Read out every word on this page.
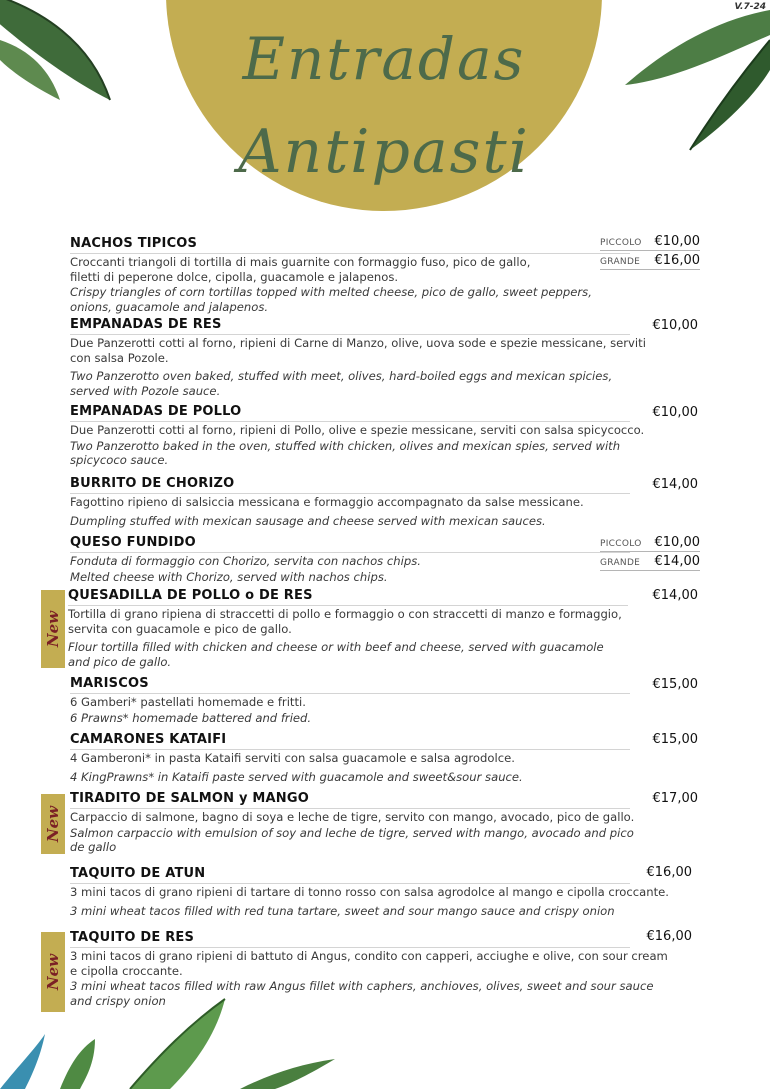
Entradas
Antipasti
V.7-24
NACHOS TIPICOS
Croccanti triangoli di tortilla di mais guarnite con formaggio fuso, pico de gallo, filetti di peperone dolce, cipolla, guacamole e jalapenos.
Crispy triangles of corn tortillas topped with melted cheese, pico de gallo, sweet peppers, onions, guacamole and jalapenos.
PICCOLO €10,00
GRANDE €16,00
EMPANADAS DE RES
Due Panzerotti cotti al forno, ripieni di Carne di Manzo, olive, uova sode e spezie messicane, serviti con salsa Pozole.
Two Panzerotto oven baked, stuffed with meet, olives, hard-boiled eggs and mexican spicies, served with Pozole sauce.
€10,00
EMPANADAS DE POLLO
Due Panzerotti cotti al forno, ripieni di Pollo, olive e spezie messicane, serviti con salsa spicycocco.
Two Panzerotto baked in the oven, stuffed with chicken, olives and mexican spies, served with spicycoco sauce.
€10,00
BURRITO DE CHORIZO
Fagottino ripieno di salsiccia messicana e formaggio accompagnato da salse messicane.
Dumpling stuffed with mexican sausage and cheese served with mexican sauces.
€14,00
QUESO FUNDIDO
Fonduta di formaggio con Chorizo, servita con nachos chips.
Melted cheese with Chorizo, served with nachos chips.
PICCOLO €10,00
GRANDE €14,00
New
QUESADILLA DE POLLO o DE RES
Tortilla di grano ripiena di straccetti di pollo e formaggio o con straccetti di manzo e formaggio, servita con guacamole e pico de gallo.
Flour tortilla filled with chicken and cheese or with beef and cheese, served with guacamole and pico de gallo.
€14,00
MARISCOS
6 Gamberi* pastellati homemade e fritti.
6 Prawns* homemade battered and fried.
€15,00
CAMARONES KATAIFI
4 Gamberoni* in pasta Kataifi serviti con salsa guacamole e salsa agrodolce.
4 KingPrawns* in Kataifi paste served with guacamole and sweet&sour sauce.
€15,00
New
TIRADITO DE SALMON y MANGO
Carpaccio di salmone, bagno di soya e leche de tigre, servito con mango, avocado, pico de gallo.
Salmon carpaccio with emulsion of soy and leche de tigre, served with mango, avocado and pico de gallo
€17,00
TAQUITO DE ATUN
3 mini tacos di grano ripieni di tartare di tonno rosso con salsa agrodolce al mango e cipolla croccante.
3 mini wheat tacos filled with red tuna tartare, sweet and sour mango sauce and crispy onion
€16,00
New
TAQUITO DE RES
3 mini tacos di grano ripieni di battuto di Angus, condito con capperi, acciughe e olive, con sour cream e cipolla croccante.
3 mini wheat tacos filled with raw Angus fillet with caphers, anchioves, olives, sweet and sour sauce and crispy onion
€16,00
